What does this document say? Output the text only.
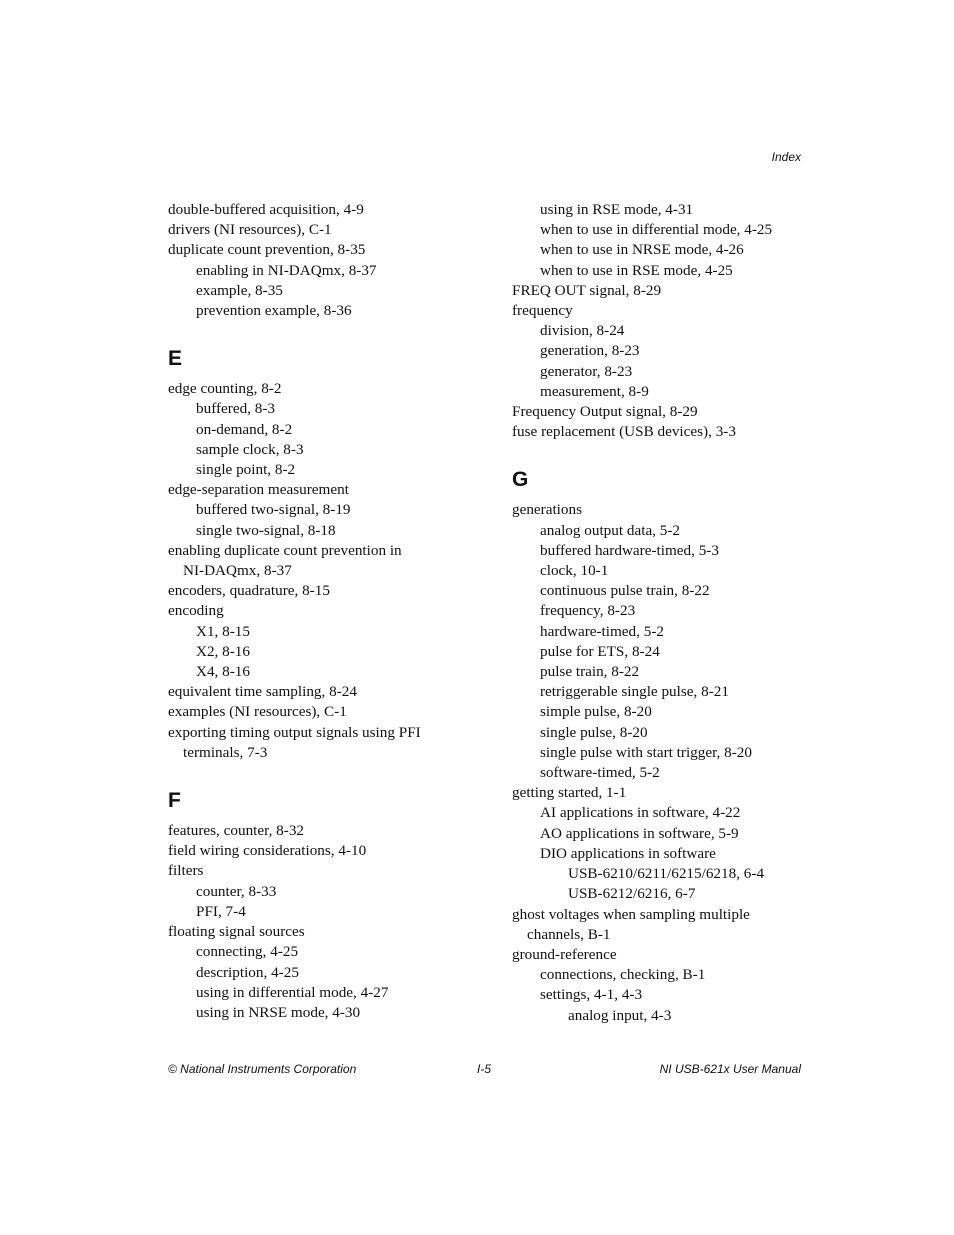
Index
double-buffered acquisition, 4-9
drivers (NI resources), C-1
duplicate count prevention, 8-35
enabling in NI-DAQmx, 8-37
example, 8-35
prevention example, 8-36
E
edge counting, 8-2
buffered, 8-3
on-demand, 8-2
sample clock, 8-3
single point, 8-2
edge-separation measurement
buffered two-signal, 8-19
single two-signal, 8-18
enabling duplicate count prevention in
NI-DAQmx, 8-37
encoders, quadrature, 8-15
encoding
X1, 8-15
X2, 8-16
X4, 8-16
equivalent time sampling, 8-24
examples (NI resources), C-1
exporting timing output signals using PFI
terminals, 7-3
F
features, counter, 8-32
field wiring considerations, 4-10
filters
counter, 8-33
PFI, 7-4
floating signal sources
connecting, 4-25
description, 4-25
using in differential mode, 4-27
using in NRSE mode, 4-30
using in RSE mode, 4-31
when to use in differential mode, 4-25
when to use in NRSE mode, 4-26
when to use in RSE mode, 4-25
FREQ OUT signal, 8-29
frequency
division, 8-24
generation, 8-23
generator, 8-23
measurement, 8-9
Frequency Output signal, 8-29
fuse replacement (USB devices), 3-3
G
generations
analog output data, 5-2
buffered hardware-timed, 5-3
clock, 10-1
continuous pulse train, 8-22
frequency, 8-23
hardware-timed, 5-2
pulse for ETS, 8-24
pulse train, 8-22
retriggerable single pulse, 8-21
simple pulse, 8-20
single pulse, 8-20
single pulse with start trigger, 8-20
software-timed, 5-2
getting started, 1-1
AI applications in software, 4-22
AO applications in software, 5-9
DIO applications in software
USB-6210/6211/6215/6218, 6-4
USB-6212/6216, 6-7
ghost voltages when sampling multiple
channels, B-1
ground-reference
connections, checking, B-1
settings, 4-1, 4-3
analog input, 4-3
© National Instruments Corporation	I-5	NI USB-621x User Manual
